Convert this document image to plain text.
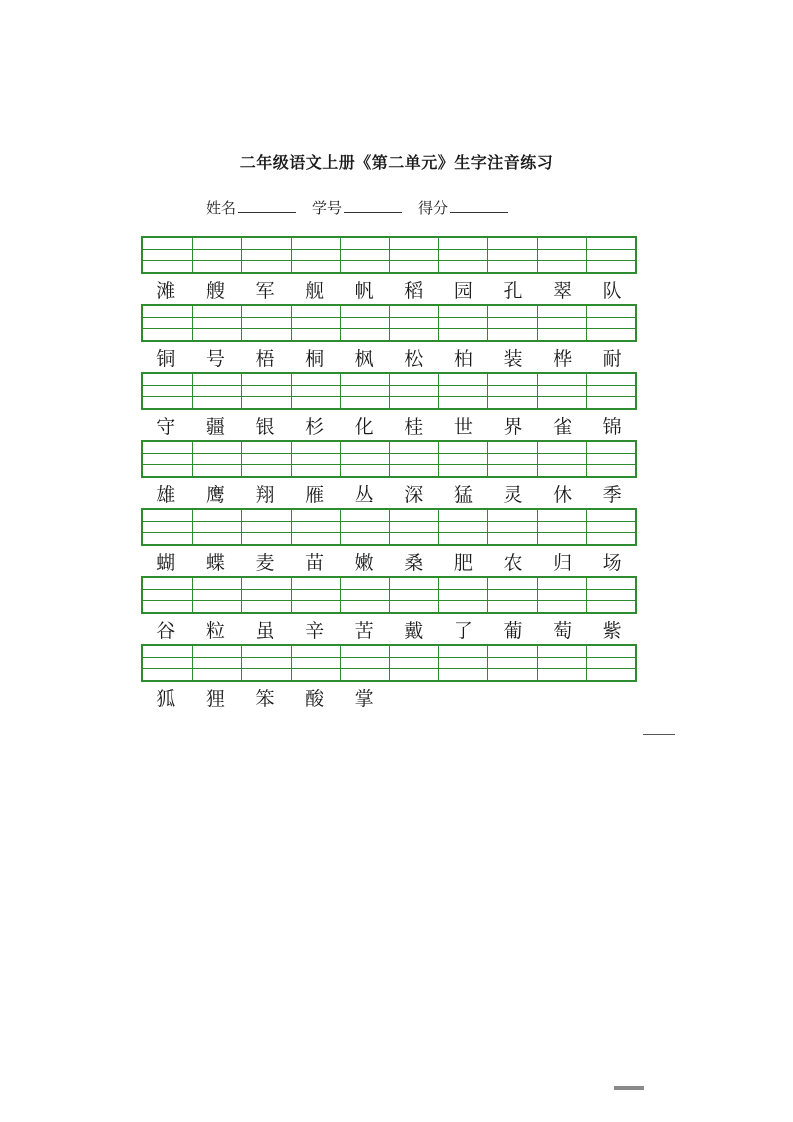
二年级语文上册《第二单元》生字注音练习
姓名	学号	得分
滩	艘	军	舰	帆	稻	园	孔	翠	队
铜	号	梧	桐	枫	松	柏	装	桦	耐
守	疆	银	杉	化	桂	世	界	雀	锦
雄	鹰	翔	雁	丛	深	猛	灵	休	季
蝴	蝶	麦	苗	嫩	桑	肥	农	归	场
谷	粒	虽	辛	苦	戴	了	葡	萄	紫
狐	狸	笨	酸	掌
